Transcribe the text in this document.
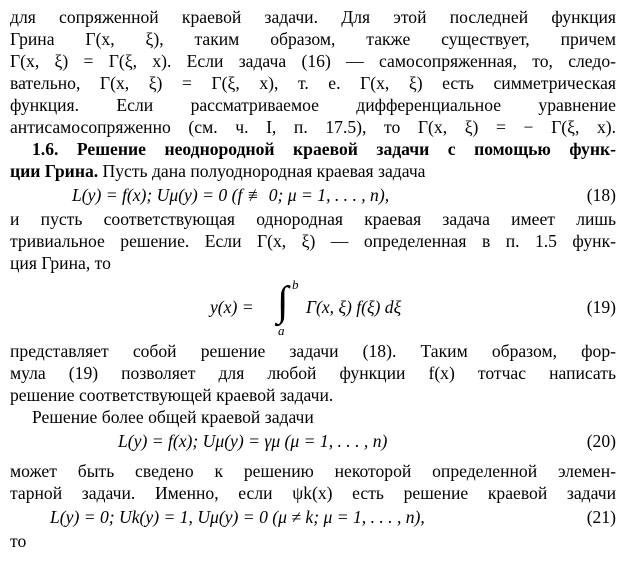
для сопряженной краевой задачи. Для этой последней функция
Грина Γ(x, ξ), таким образом, также существует, причем
Γ(x, ξ) = Γ(ξ, x). Если задача (16) — самосопряженная, то, следо-
вательно, Γ(x, ξ) = Γ(ξ, x), т. е. Γ(x, ξ) есть симметрическая
функция. Если рассматриваемое дифференциальное уравнение
антисамосопряженно (см. ч. I, п. 17.5), то Γ(x, ξ) = − Γ(ξ, x).
1.6. Решение неоднородной краевой задачи с помощью функ-
ции Грина. Пусть дана полуоднородная краевая задача
L(y) = f(x); Uμ(y) = 0 (f ≢ 0; μ = 1, . . . , n),	(18)
и пусть соответствующая однородная краевая задача имеет лишь
тривиальное решение. Если Γ(x, ξ) — определенная в п. 1.5 функ-
ция Грина, то
y(x) = ∫ b
a
Γ(x, ξ) f(ξ) dξ	(19)
представляет собой решение задачи (18). Таким образом, фор-
мула (19) позволяет для любой функции f(x) тотчас написать
решение соответствующей краевой задачи.
Решение более общей краевой задачи
L(y) = f(x); Uμ(y) = γμ (μ = 1, . . . , n)	(20)
может быть сведено к решению некоторой определенной элемен-
тарной задачи. Именно, если ψk(x) есть решение краевой задачи
L(y) = 0; Uk(y) = 1, Uμ(y) = 0 (μ ≠ k; μ = 1, . . . , n),	(21)
то
